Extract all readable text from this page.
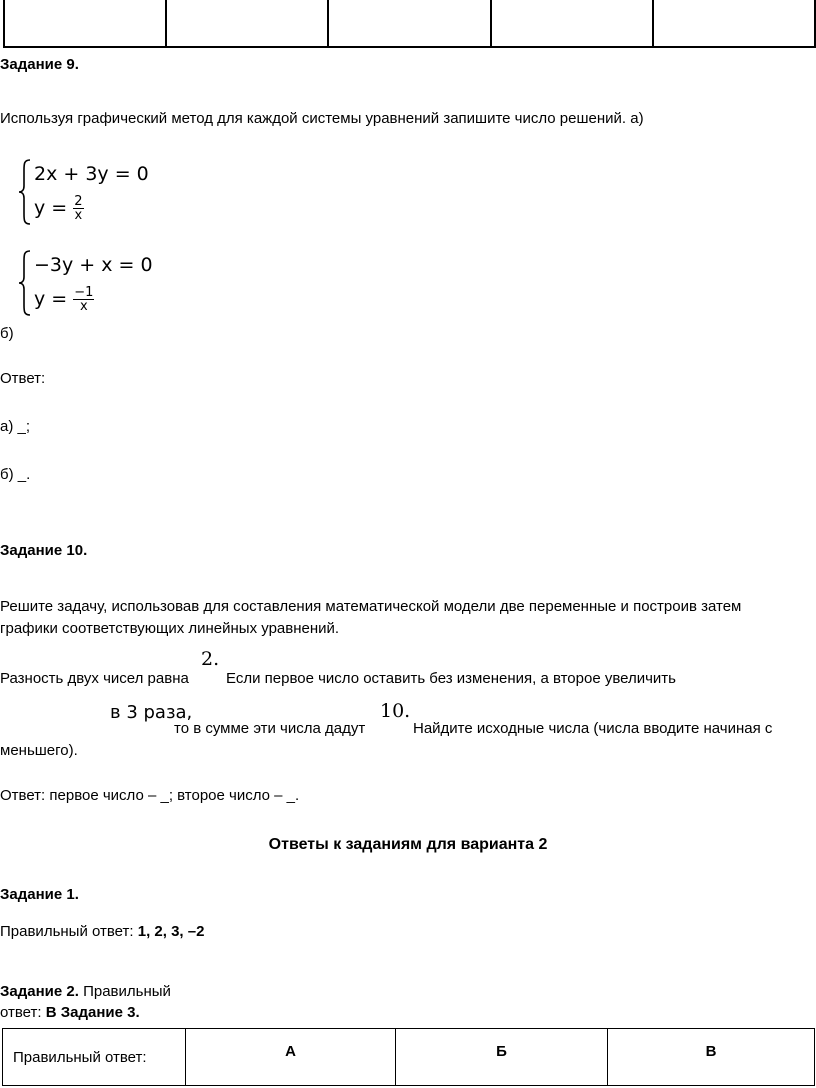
Задание 9.
Используя графический метод для каждой системы уравнений запишите число решений. а)
2x + 3y = 0
$y = \frac{2}{x}$
−3y + x = 0
$y = \frac{-1}{x}$
б)
Ответ:
а) _;
б) _.
Задание 10.
Решите задачу, использовав для составления математической модели две переменные и построив затем
графики соответствующих линейных уравнений.
Разность двух чисел равна
2.
Если первое число оставить без изменения, а второе увеличить
в 3 раза,
то в сумме эти числа дадут
10.
Найдите исходные числа (числа вводите начиная с
меньшего).
Ответ: первое число – _; второе число – _.
Ответы к заданиям для варианта 2
Задание 1.
Правильный ответ: 1, 2, 3, –2
Задание 2. Правильный
ответ: В Задание 3.
Правильный ответ:	А	Б	В
